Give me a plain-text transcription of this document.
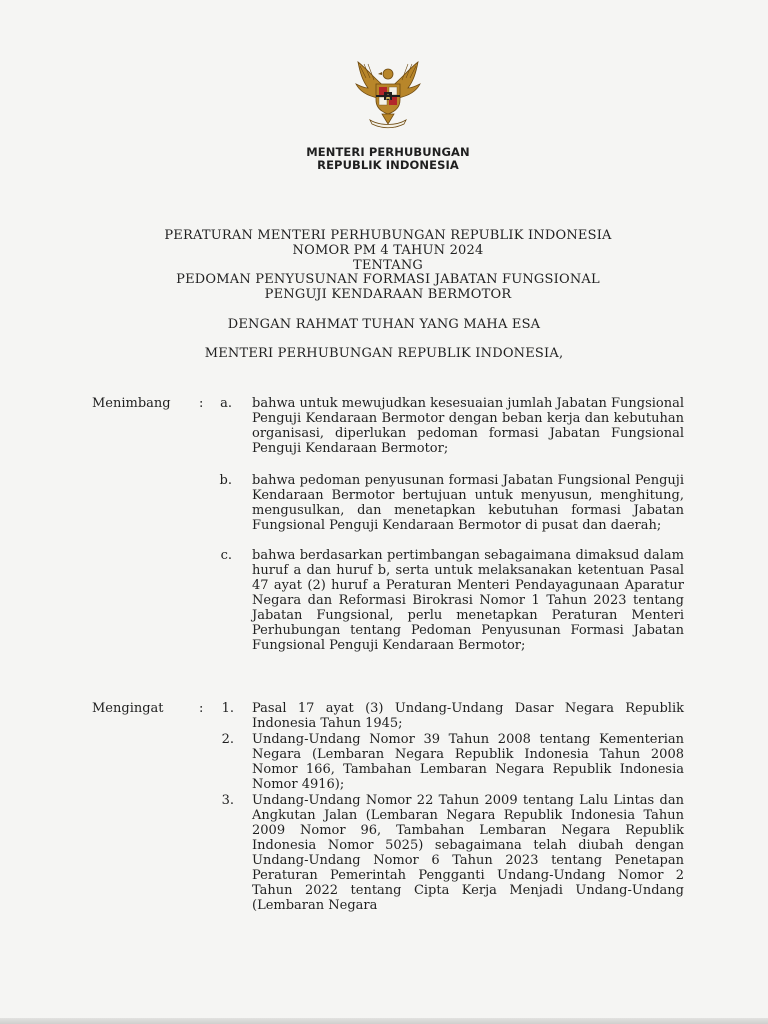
MENTERI PERHUBUNGAN
REPUBLIK INDONESIA
PERATURAN MENTERI PERHUBUNGAN REPUBLIK INDONESIA
NOMOR PM 4 TAHUN 2024
TENTANG
PEDOMAN PENYUSUNAN FORMASI JABATAN FUNGSIONAL
PENGUJI KENDARAAN BERMOTOR
DENGAN RAHMAT TUHAN YANG MAHA ESA
MENTERI PERHUBUNGAN REPUBLIK INDONESIA,
Menimbang :	a. bahwa untuk mewujudkan kesesuaian jumlah Jabatan Fungsional Penguji Kendaraan Bermotor dengan beban kerja dan kebutuhan organisasi, diperlukan pedoman formasi Jabatan Fungsional Penguji Kendaraan Bermotor;
b. bahwa pedoman penyusunan formasi Jabatan Fungsional Penguji Kendaraan Bermotor bertujuan untuk menyusun, menghitung, mengusulkan, dan menetapkan kebutuhan formasi Jabatan Fungsional Penguji Kendaraan Bermotor di pusat dan daerah;
c. bahwa berdasarkan pertimbangan sebagaimana dimaksud dalam huruf a dan huruf b, serta untuk melaksanakan ketentuan Pasal 47 ayat (2) huruf a Peraturan Menteri Pendayagunaan Aparatur Negara dan Reformasi Birokrasi Nomor 1 Tahun 2023 tentang Jabatan Fungsional, perlu menetapkan Peraturan Menteri Perhubungan tentang Pedoman Penyusunan Formasi Jabatan Fungsional Penguji Kendaraan Bermotor;
Mengingat	:	1. Pasal 17 ayat (3) Undang-Undang Dasar Negara Republik Indonesia Tahun 1945;
2. Undang-Undang Nomor 39 Tahun 2008 tentang Kementerian Negara (Lembaran Negara Republik Indonesia Tahun 2008 Nomor 166, Tambahan Lembaran Negara Republik Indonesia Nomor 4916);
3. Undang-Undang Nomor 22 Tahun 2009 tentang Lalu Lintas dan Angkutan Jalan (Lembaran Negara Republik Indonesia Tahun 2009 Nomor 96, Tambahan Lembaran Negara Republik Indonesia Nomor 5025) sebagaimana telah diubah dengan Undang-Undang Nomor 6 Tahun 2023 tentang Penetapan Peraturan Pemerintah Pengganti Undang-Undang Nomor 2 Tahun 2022 tentang Cipta Kerja Menjadi Undang-Undang (Lembaran Negara
